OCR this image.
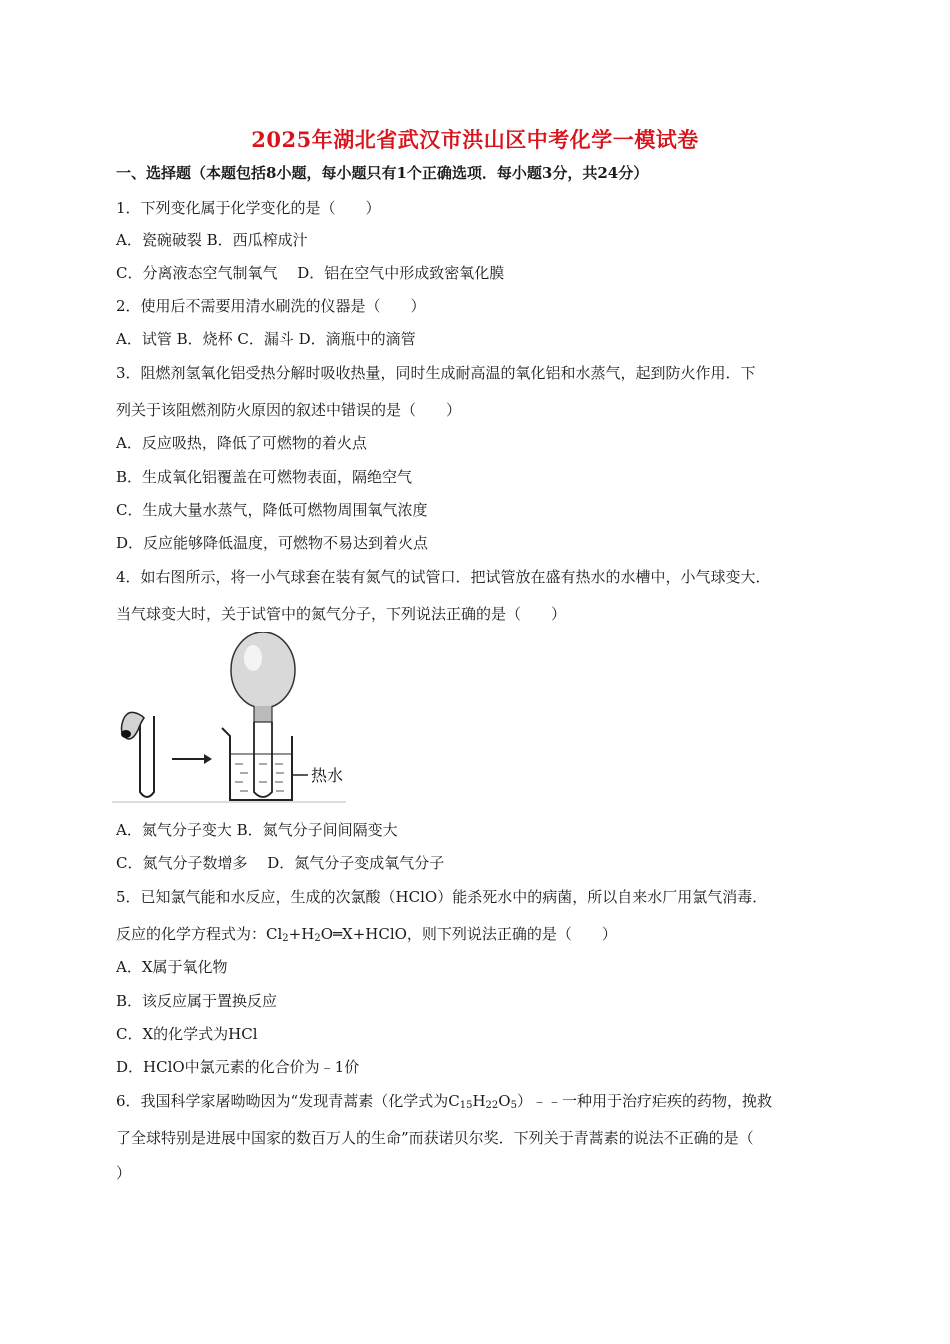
2025年湖北省武汉市洪山区中考化学一模试卷
一、选择题（本题包括8小题，每小题只有1个正确选项．每小题3分，共24分）
1．下列变化属于化学变化的是（　　）
A．瓷碗破裂 B．西瓜榨成汁
C．分离液态空气制氧气　 D．铝在空气中形成致密氧化膜
2．使用后不需要用清水刷洗的仪器是（　　）
A．试管 B．烧杯 C．漏斗 D．滴瓶中的滴管
3．阻燃剂氢氧化铝受热分解时吸收热量，同时生成耐高温的氧化铝和水蒸气，起到防火作用．下
列关于该阻燃剂防火原因的叙述中错误的是（　　）
A．反应吸热，降低了可燃物的着火点
B．生成氧化铝覆盖在可燃物表面，隔绝空气
C．生成大量水蒸气，降低可燃物周围氧气浓度
D．反应能够降低温度，可燃物不易达到着火点
4．如右图所示，将一小气球套在装有氮气的试管口．把试管放在盛有热水的水槽中，小气球变大．
当气球变大时，关于试管中的氮气分子，下列说法正确的是（　　）
热水
A．氮气分子变大 B．氮气分子间间隔变大
C．氮气分子数增多　 D．氮气分子变成氧气分子
5．已知氯气能和水反应，生成的次氯酸（HClO）能杀死水中的病菌，所以自来水厂用氯气消毒．
反应的化学方程式为：$Cl_2+H_2O═X+HClO$，则下列说法正确的是（　　）
A．X属于氧化物
B．该反应属于置换反应
C．X的化学式为HCl
D．HClO中氯元素的化合价为﹣1价
6．我国科学家屠呦呦因为“发现青蒿素（化学式为$C_{15}H_{22}O_5)﹣﹣$一种用于治疗疟疾的药物，挽救
了全球特别是进展中国家的数百万人的生命”而获诺贝尔奖．下列关于青蒿素的说法不正确的是（
）
